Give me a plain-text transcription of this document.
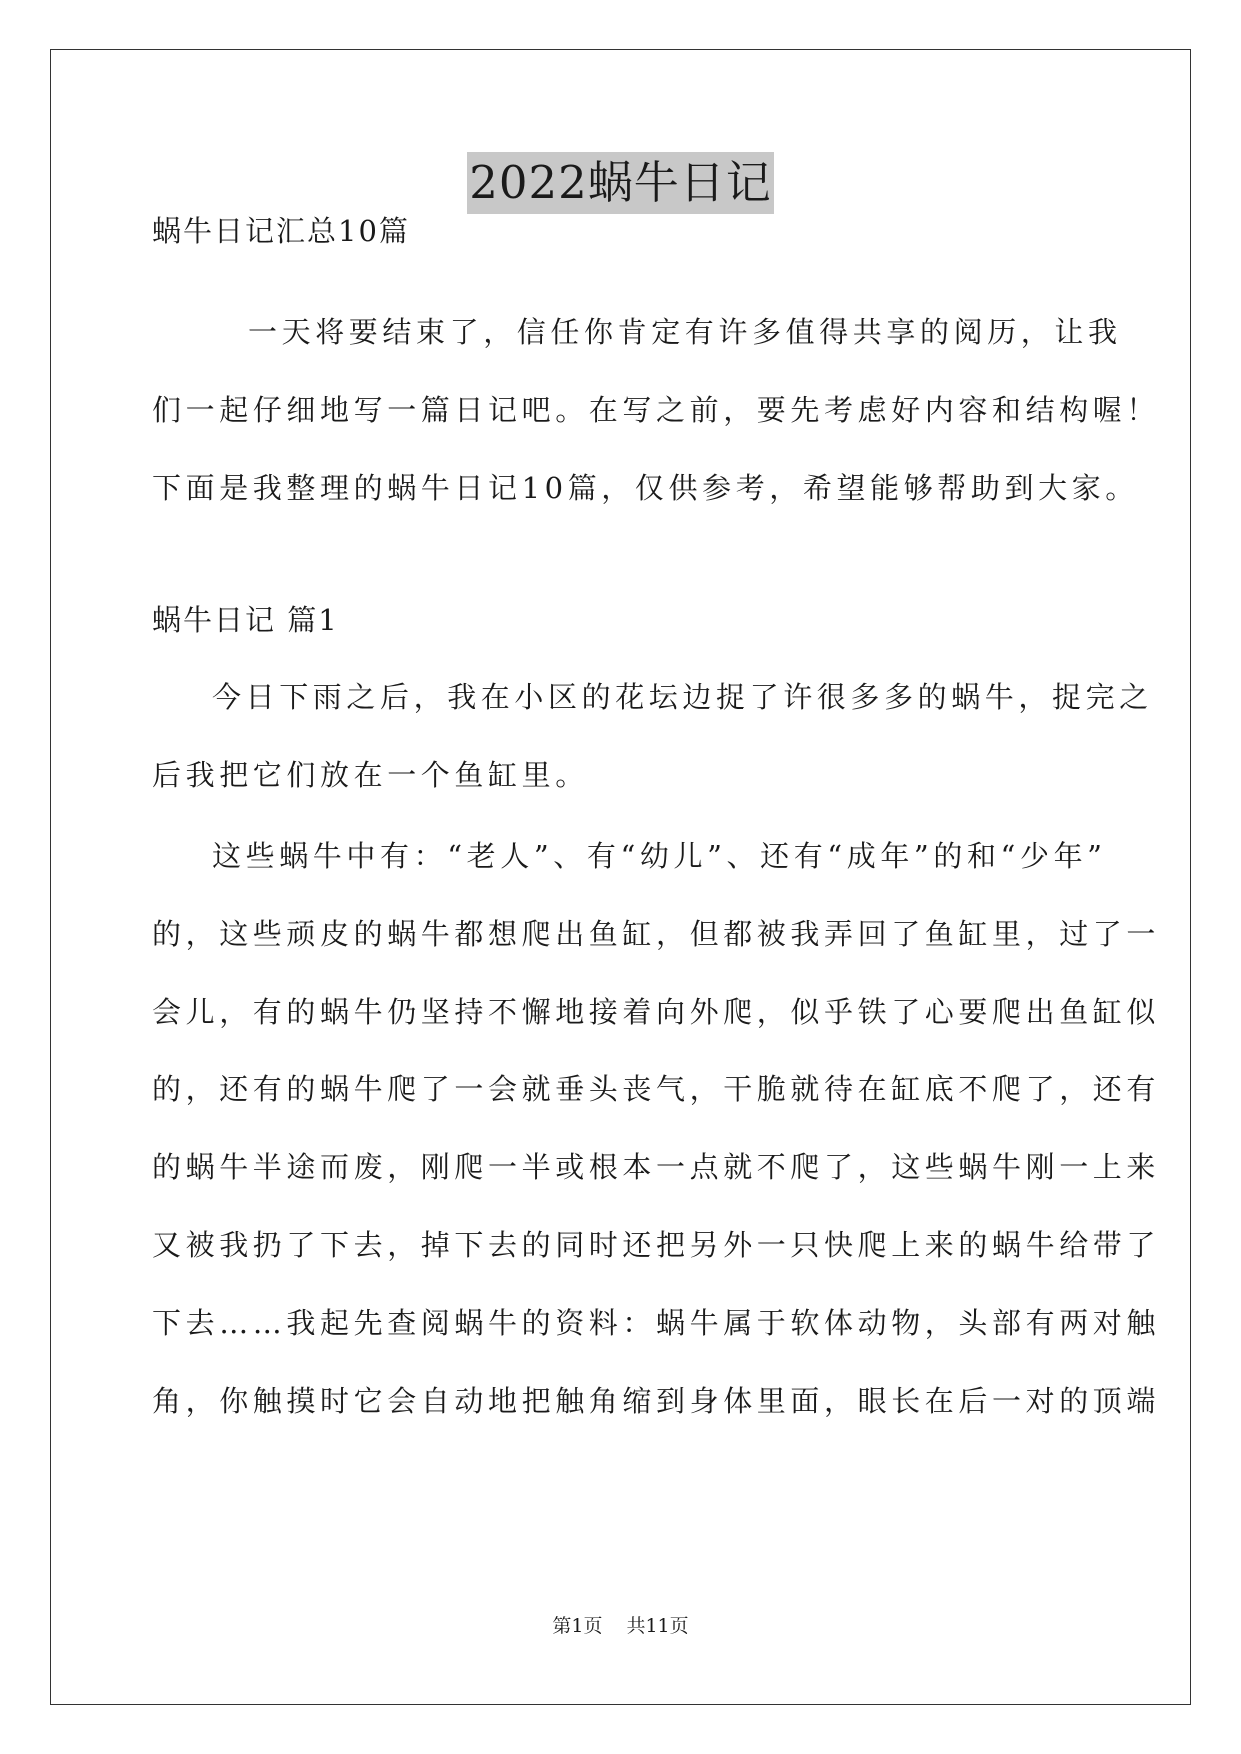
2022蜗牛日记
蜗牛日记汇总10篇
一天将要结束了，信任你肯定有许多值得共享的阅历，让我
们一起仔细地写一篇日记吧。在写之前，要先考虑好内容和结构喔！
下面是我整理的蜗牛日记10篇，仅供参考，希望能够帮助到大家。
蜗牛日记 篇1
今日下雨之后，我在小区的花坛边捉了许很多多的蜗牛，捉完之
后我把它们放在一个鱼缸里。
这些蜗牛中有：“老人”、有“幼儿”、还有“成年”的和“少年”
的，这些顽皮的蜗牛都想爬出鱼缸，但都被我弄回了鱼缸里，过了一
会儿，有的蜗牛仍坚持不懈地接着向外爬，似乎铁了心要爬出鱼缸似
的，还有的蜗牛爬了一会就垂头丧气，干脆就待在缸底不爬了，还有
的蜗牛半途而废，刚爬一半或根本一点就不爬了，这些蜗牛刚一上来
又被我扔了下去，掉下去的同时还把另外一只快爬上来的蜗牛给带了
下去……我起先查阅蜗牛的资料：蜗牛属于软体动物，头部有两对触
角，你触摸时它会自动地把触角缩到身体里面，眼长在后一对的顶端
第1页 共11页
